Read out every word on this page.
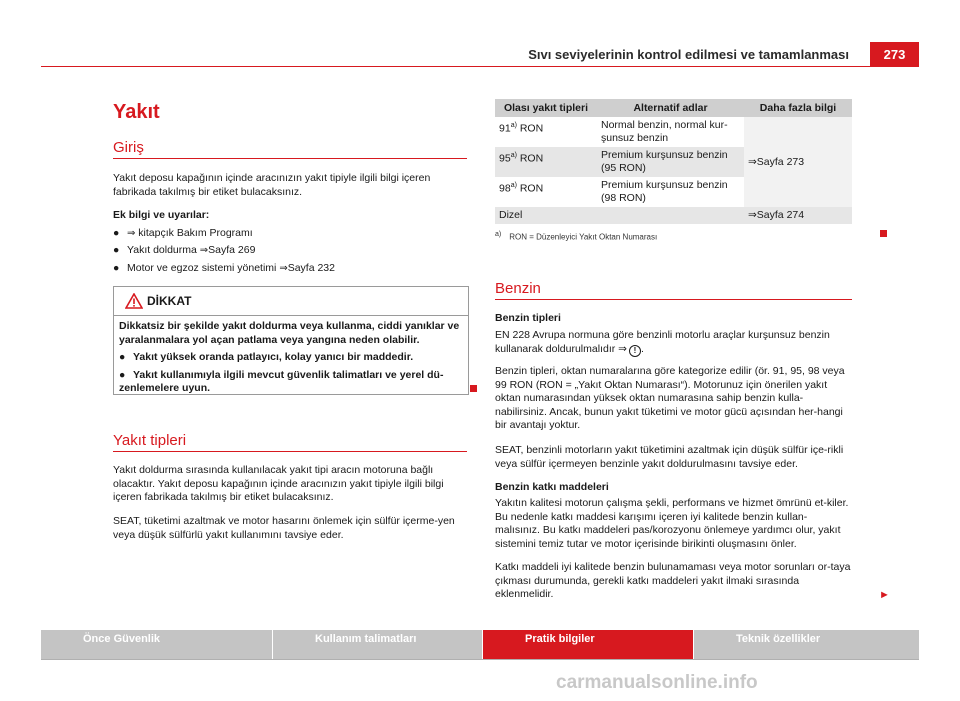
Sıvı seviyelerinin kontrol edilmesi ve tamamlanması	273
Yakıt
Giriş
Yakıt deposu kapağının içinde aracınızın yakıt tipiyle ilgili bilgi içeren fabrikada takılmış bir etiket bulacaksınız.
Ek bilgi ve uyarılar:
● ⇒ kitapçık Bakım Programı
● Yakıt doldurma ⇒Sayfa 269
● Motor ve egzoz sistemi yönetimi ⇒Sayfa 232
DİKKAT
Dikkatsiz bir şekilde yakıt doldurma veya kullanma, ciddi yanıklar ve yaralanmalara yol açan patlama veya yangına neden olabilir.
● Yakıt yüksek oranda patlayıcı, kolay yanıcı bir maddedir.
● Yakıt kullanımıyla ilgili mevcut güvenlik talimatları ve yerel dü-zenlemelere uyun.
Yakıt tipleri
Yakıt doldurma sırasında kullanılacak yakıt tipi aracın motoruna bağlı olacaktır. Yakıt deposu kapağının içinde aracınızın yakıt tipiyle ilgili bilgi içeren fabrikada takılmış bir etiket bulacaksınız.
SEAT, tüketimi azaltmak ve motor hasarını önlemek için sülfür içerme-yen veya düşük sülfürlü yakıt kullanımını tavsiye eder.
Olası yakıt tipleri	Alternatif adlar	Daha fazla bilgi
91$^{a)}$ RON	Normal benzin, normal kur-şunsuz benzin	⇒Sayfa 273
95$^{a)}$ RON	Premium kurşunsuz benzin (95 RON)	
98$^{a)}$ RON	Premium kurşunsuz benzin (98 RON)	
Dizel		⇒Sayfa 274
$^{a)}$ RON = Düzenleyici Yakıt Oktan Numarası
Benzin
Benzin tipleri
EN 228 Avrupa normuna göre benzinli motorlu araçlar kurşunsuz benzin kullanarak doldurulmalıdır ⇒ ! .
Benzin tipleri, oktan numaralarına göre kategorize edilir (ör. 91, 95, 98 veya 99 RON (RON = „Yakıt Oktan Numarası“). Motorunuz için önerilen yakıt oktan numarasından yüksek oktan numarasına sahip benzin kulla-nabilirsiniz. Ancak, bunun yakıt tüketimi ve motor gücü açısından her-hangi bir avantajı yoktur.
SEAT, benzinli motorların yakıt tüketimini azaltmak için düşük sülfür içe-rikli veya sülfür içermeyen benzinle yakıt doldurulmasını tavsiye eder.
Benzin katkı maddeleri
Yakıtın kalitesi motorun çalışma şekli, performans ve hizmet ömrünü et-kiler. Bu nedenle katkı maddesi karışımı içeren iyi kalitede benzin kullan-malısınız. Bu katkı maddeleri pas/korozyonu önlemeye yardımcı olur, yakıt sistemini temiz tutar ve motor içerisinde birikinti oluşmasını önler.
Katkı maddeli iyi kalitede benzin bulunamaması veya motor sorunları or-taya çıkması durumunda, gerekli katkı maddeleri yakıt ilmaki sırasında eklenmelidir.	►
Önce Güvenlik	Kullanım talimatları	Pratik bilgiler	Teknik özellikler
carmanualsonline.info
